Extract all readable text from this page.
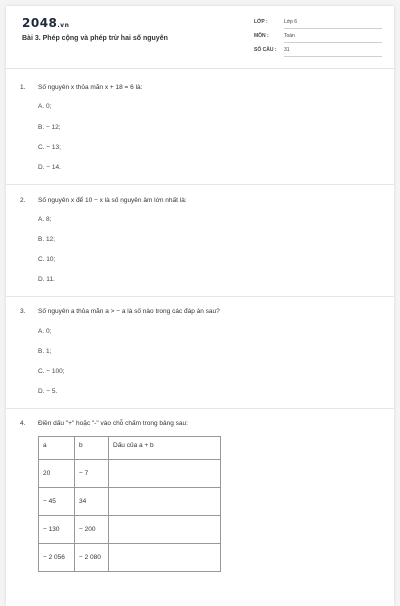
2048.vn
Bài 3. Phép cộng và phép trừ hai số nguyên
LỚP :	Lớp 6
MÔN :	Toán
SỐ CÂU : 31
1. Số nguyên x thỏa mãn x + 18 = 6 là:
A. 0;
B. − 12;
C. − 13;
D. − 14.
2. Số nguyên x để 10 − x là số nguyên âm lớn nhất là:
A. 8;
B. 12;
C. 10;
D. 11.
3. Số nguyên a thỏa mãn a > − a là số nào trong các đáp án sau?
A. 0;
B. 1;
C. − 100;
D. − 5.
4. Điền dấu "+" hoặc "-" vào chỗ chấm trong bảng sau:
a	b	Dấu của a + b
20	− 7	
− 45	34	
− 130	− 200	
− 2 056	− 2 080	
